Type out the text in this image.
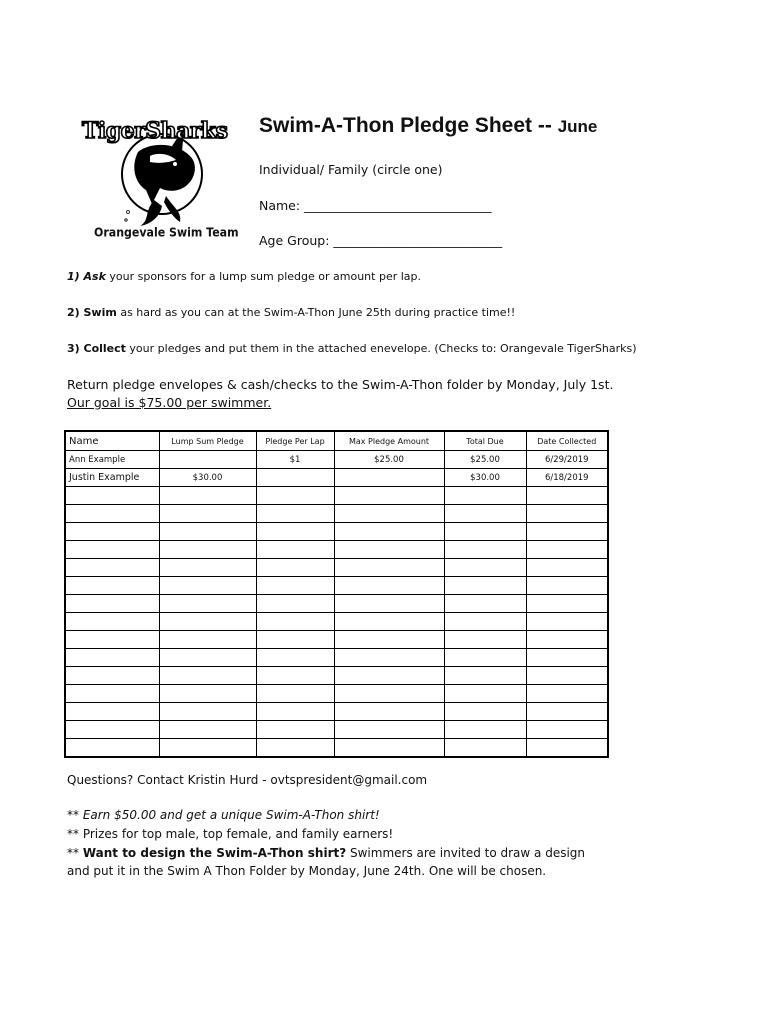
TigerSharks
Orangevale Swim Team
Swim-A-Thon Pledge Sheet -- June
Individual/ Family (circle one)
Name: ______________________________
Age Group: ___________________________
1) Ask your sponsors for a lump sum pledge or amount per lap.
2) Swim as hard as you can at the Swim-A-Thon June 25th during practice time!!
3) Collect your pledges and put them in the attached enevelope. (Checks to: Orangevale TigerSharks)
Return pledge envelopes & cash/checks to the Swim-A-Thon folder by Monday, July 1st.
Our goal is $75.00 per swimmer.
Name	Lump Sum Pledge	Pledge Per Lap	Max Pledge Amount	Total Due	Date Collected
Ann Example		$1	$25.00	$25.00	6/29/2019
Justin Example	$30.00			$30.00	6/18/2019

Questions? Contact Kristin Hurd - ovtspresident@gmail.com
** Earn $50.00 and get a unique Swim-A-Thon shirt!
** Prizes for top male, top female, and family earners!
** Want to design the Swim-A-Thon shirt? Swimmers are invited to draw a design
and put it in the Swim A Thon Folder by Monday, June 24th. One will be chosen.
